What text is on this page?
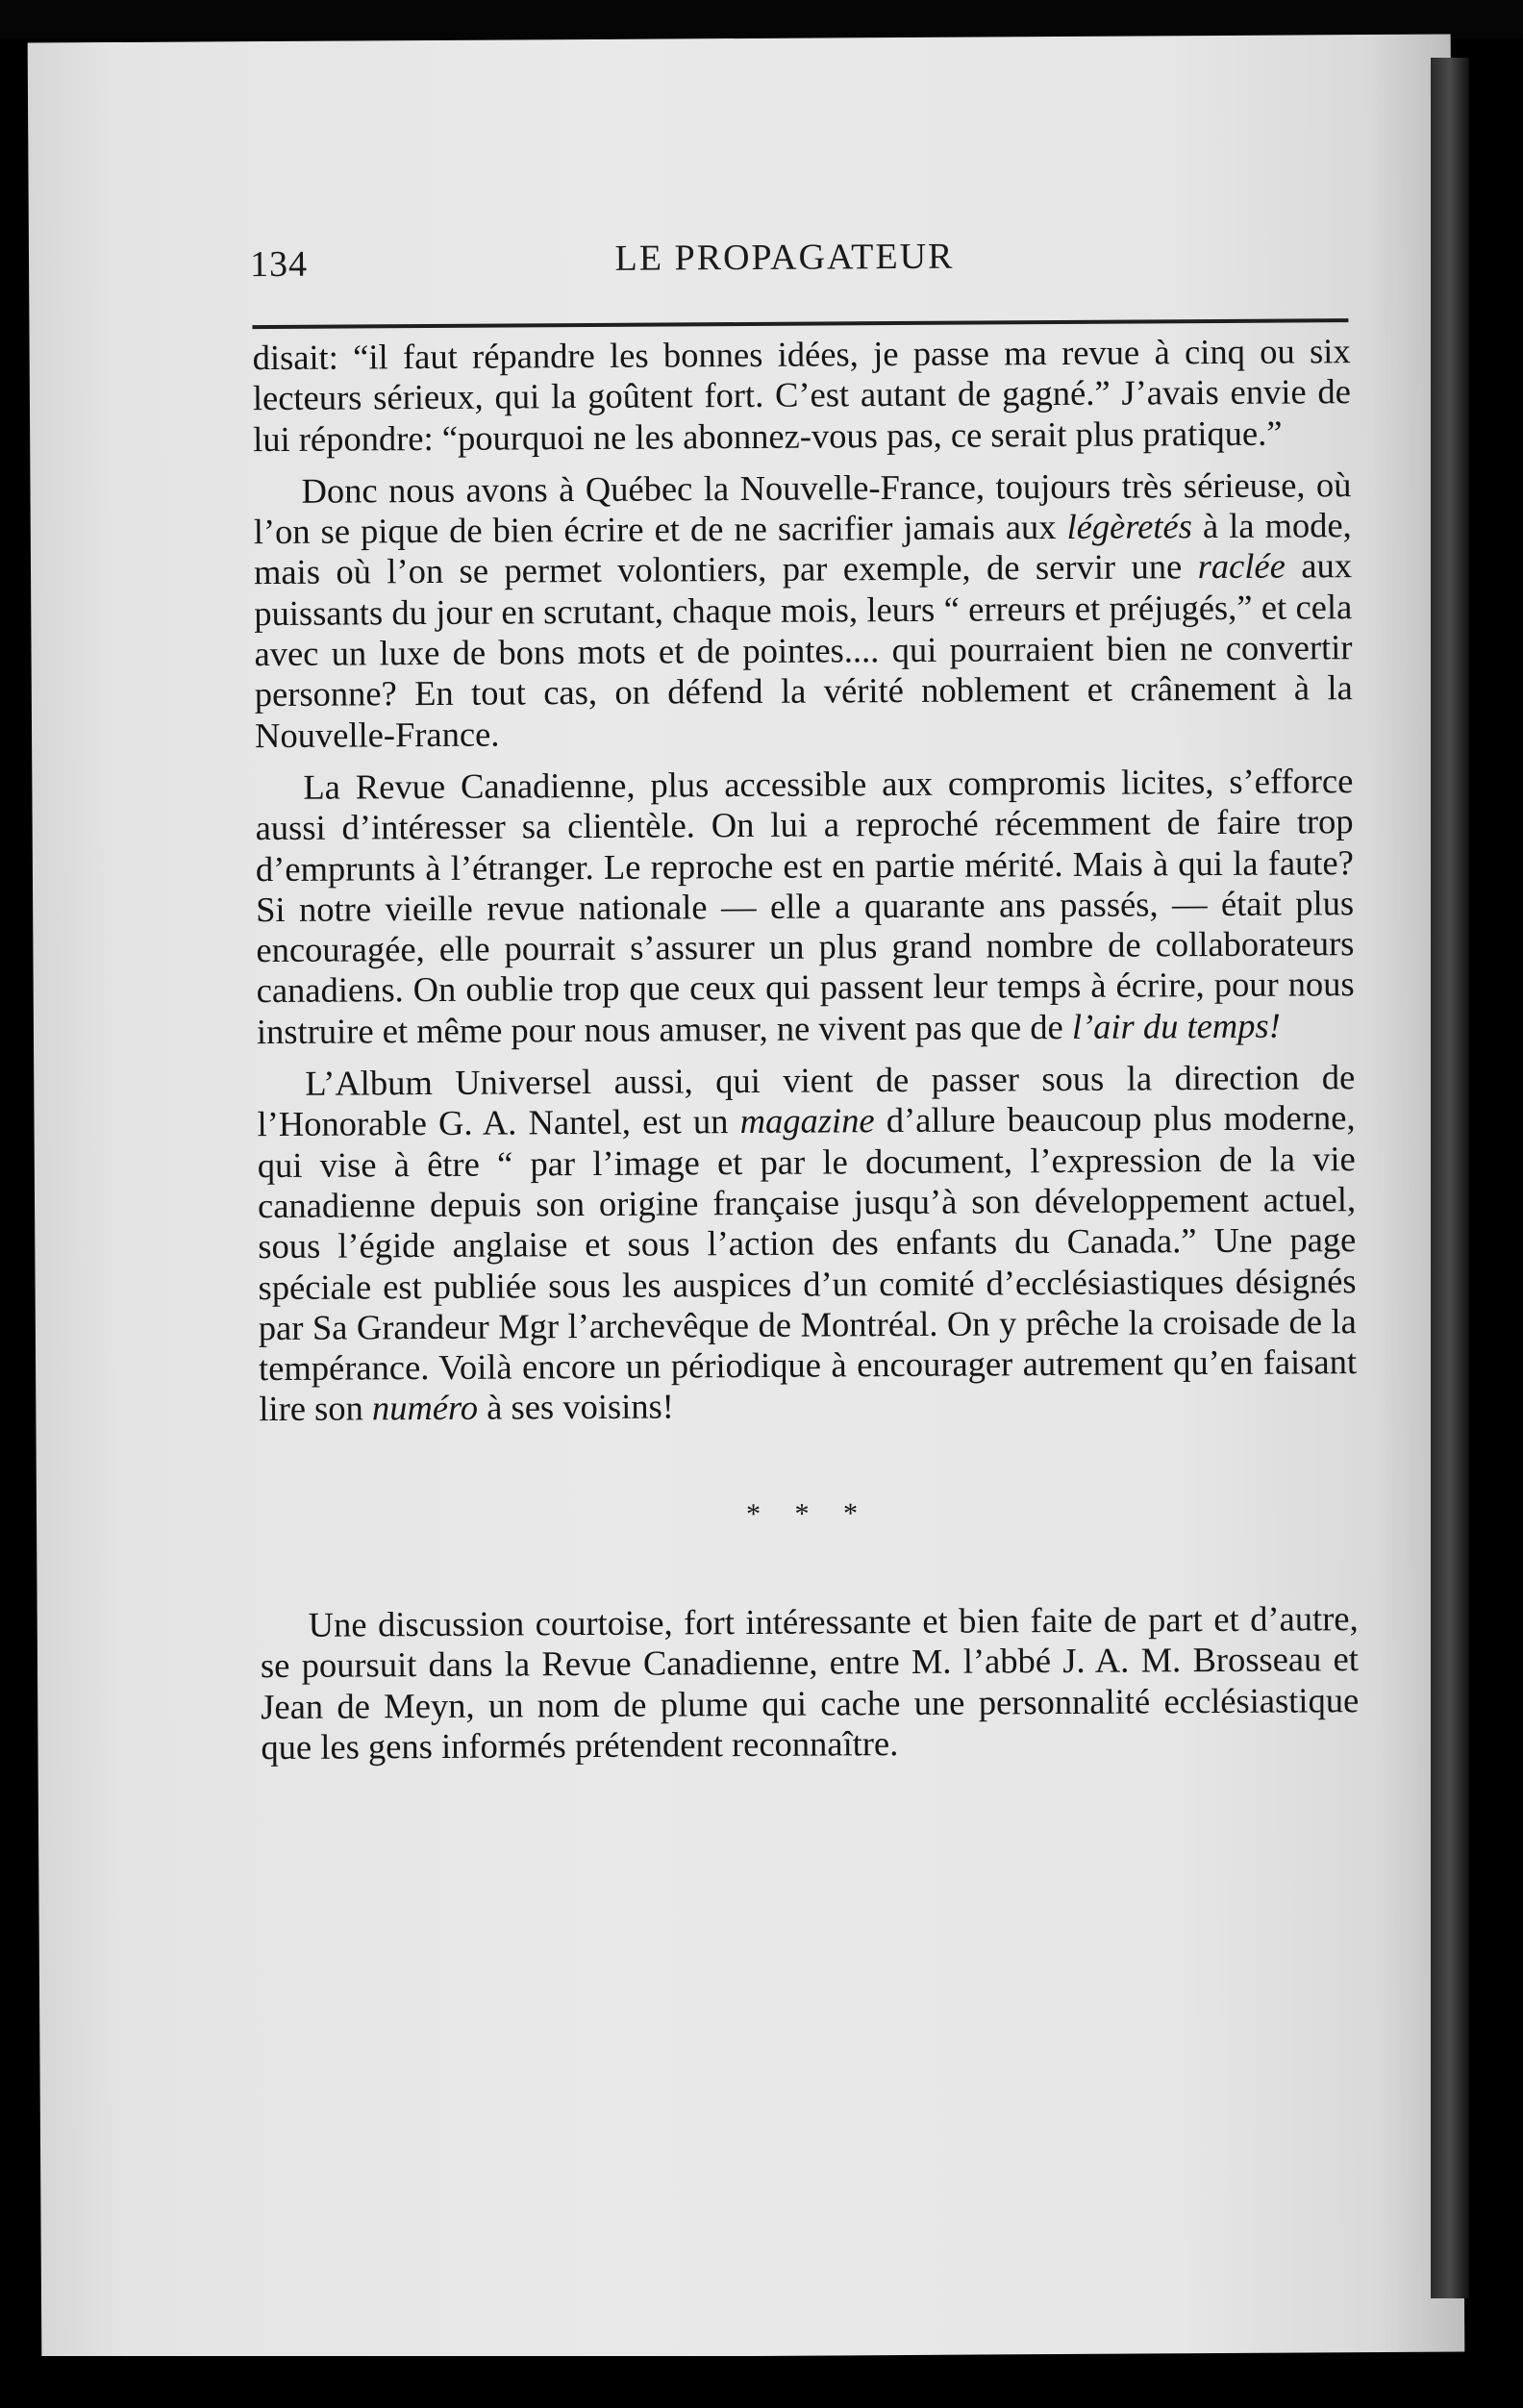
134	LE PROPAGATEUR

disait: “il faut répandre les bonnes idées, je passe ma revue à cinq ou six lecteurs sérieux, qui la goûtent fort. C’est autant de gagné.” J’avais envie de lui répondre: “pourquoi ne les abonnez-vous pas, ce serait plus pratique.”

Donc nous avons à Québec la Nouvelle-France, toujours très sérieuse, où l’on se pique de bien écrire et de ne sacrifier jamais aux légèretés à la mode, mais où l’on se permet volontiers, par exemple, de servir une raclée aux puissants du jour en scrutant, chaque mois, leurs “ erreurs et préjugés,” et cela avec un luxe de bons mots et de pointes.... qui pourraient bien ne convertir personne? En tout cas, on défend la vérité noblement et crânement à la Nouvelle-France.

La Revue Canadienne, plus accessible aux compromis licites, s’efforce aussi d’intéresser sa clientèle. On lui a reproché récemment de faire trop d’emprunts à l’étranger. Le reproche est en partie mérité. Mais à qui la faute? Si notre vieille revue nationale — elle a quarante ans passés, — était plus encouragée, elle pourrait s’assurer un plus grand nombre de collaborateurs canadiens. On oublie trop que ceux qui passent leur temps à écrire, pour nous instruire et même pour nous amuser, ne vivent pas que de l’air du temps!

L’Album Universel aussi, qui vient de passer sous la direction de l’Honorable G. A. Nantel, est un magazine d’allure beaucoup plus moderne, qui vise à être “ par l’image et par le document, l’expression de la vie canadienne depuis son origine française jusqu’à son développement actuel, sous l’égide anglaise et sous l’action des enfants du Canada.” Une page spéciale est publiée sous les auspices d’un comité d’ecclésiastiques désignés par Sa Grandeur Mgr l’archevêque de Montréal. On y prêche la croisade de la tempérance. Voilà encore un périodique à encourager autrement qu’en faisant lire son numéro à ses voisins!

* * *

Une discussion courtoise, fort intéressante et bien faite de part et d’autre, se poursuit dans la Revue Canadienne, entre M. l’abbé J. A. M. Brosseau et Jean de Meyn, un nom de plume qui cache une personnalité ecclésiastique que les gens informés prétendent reconnaître.
